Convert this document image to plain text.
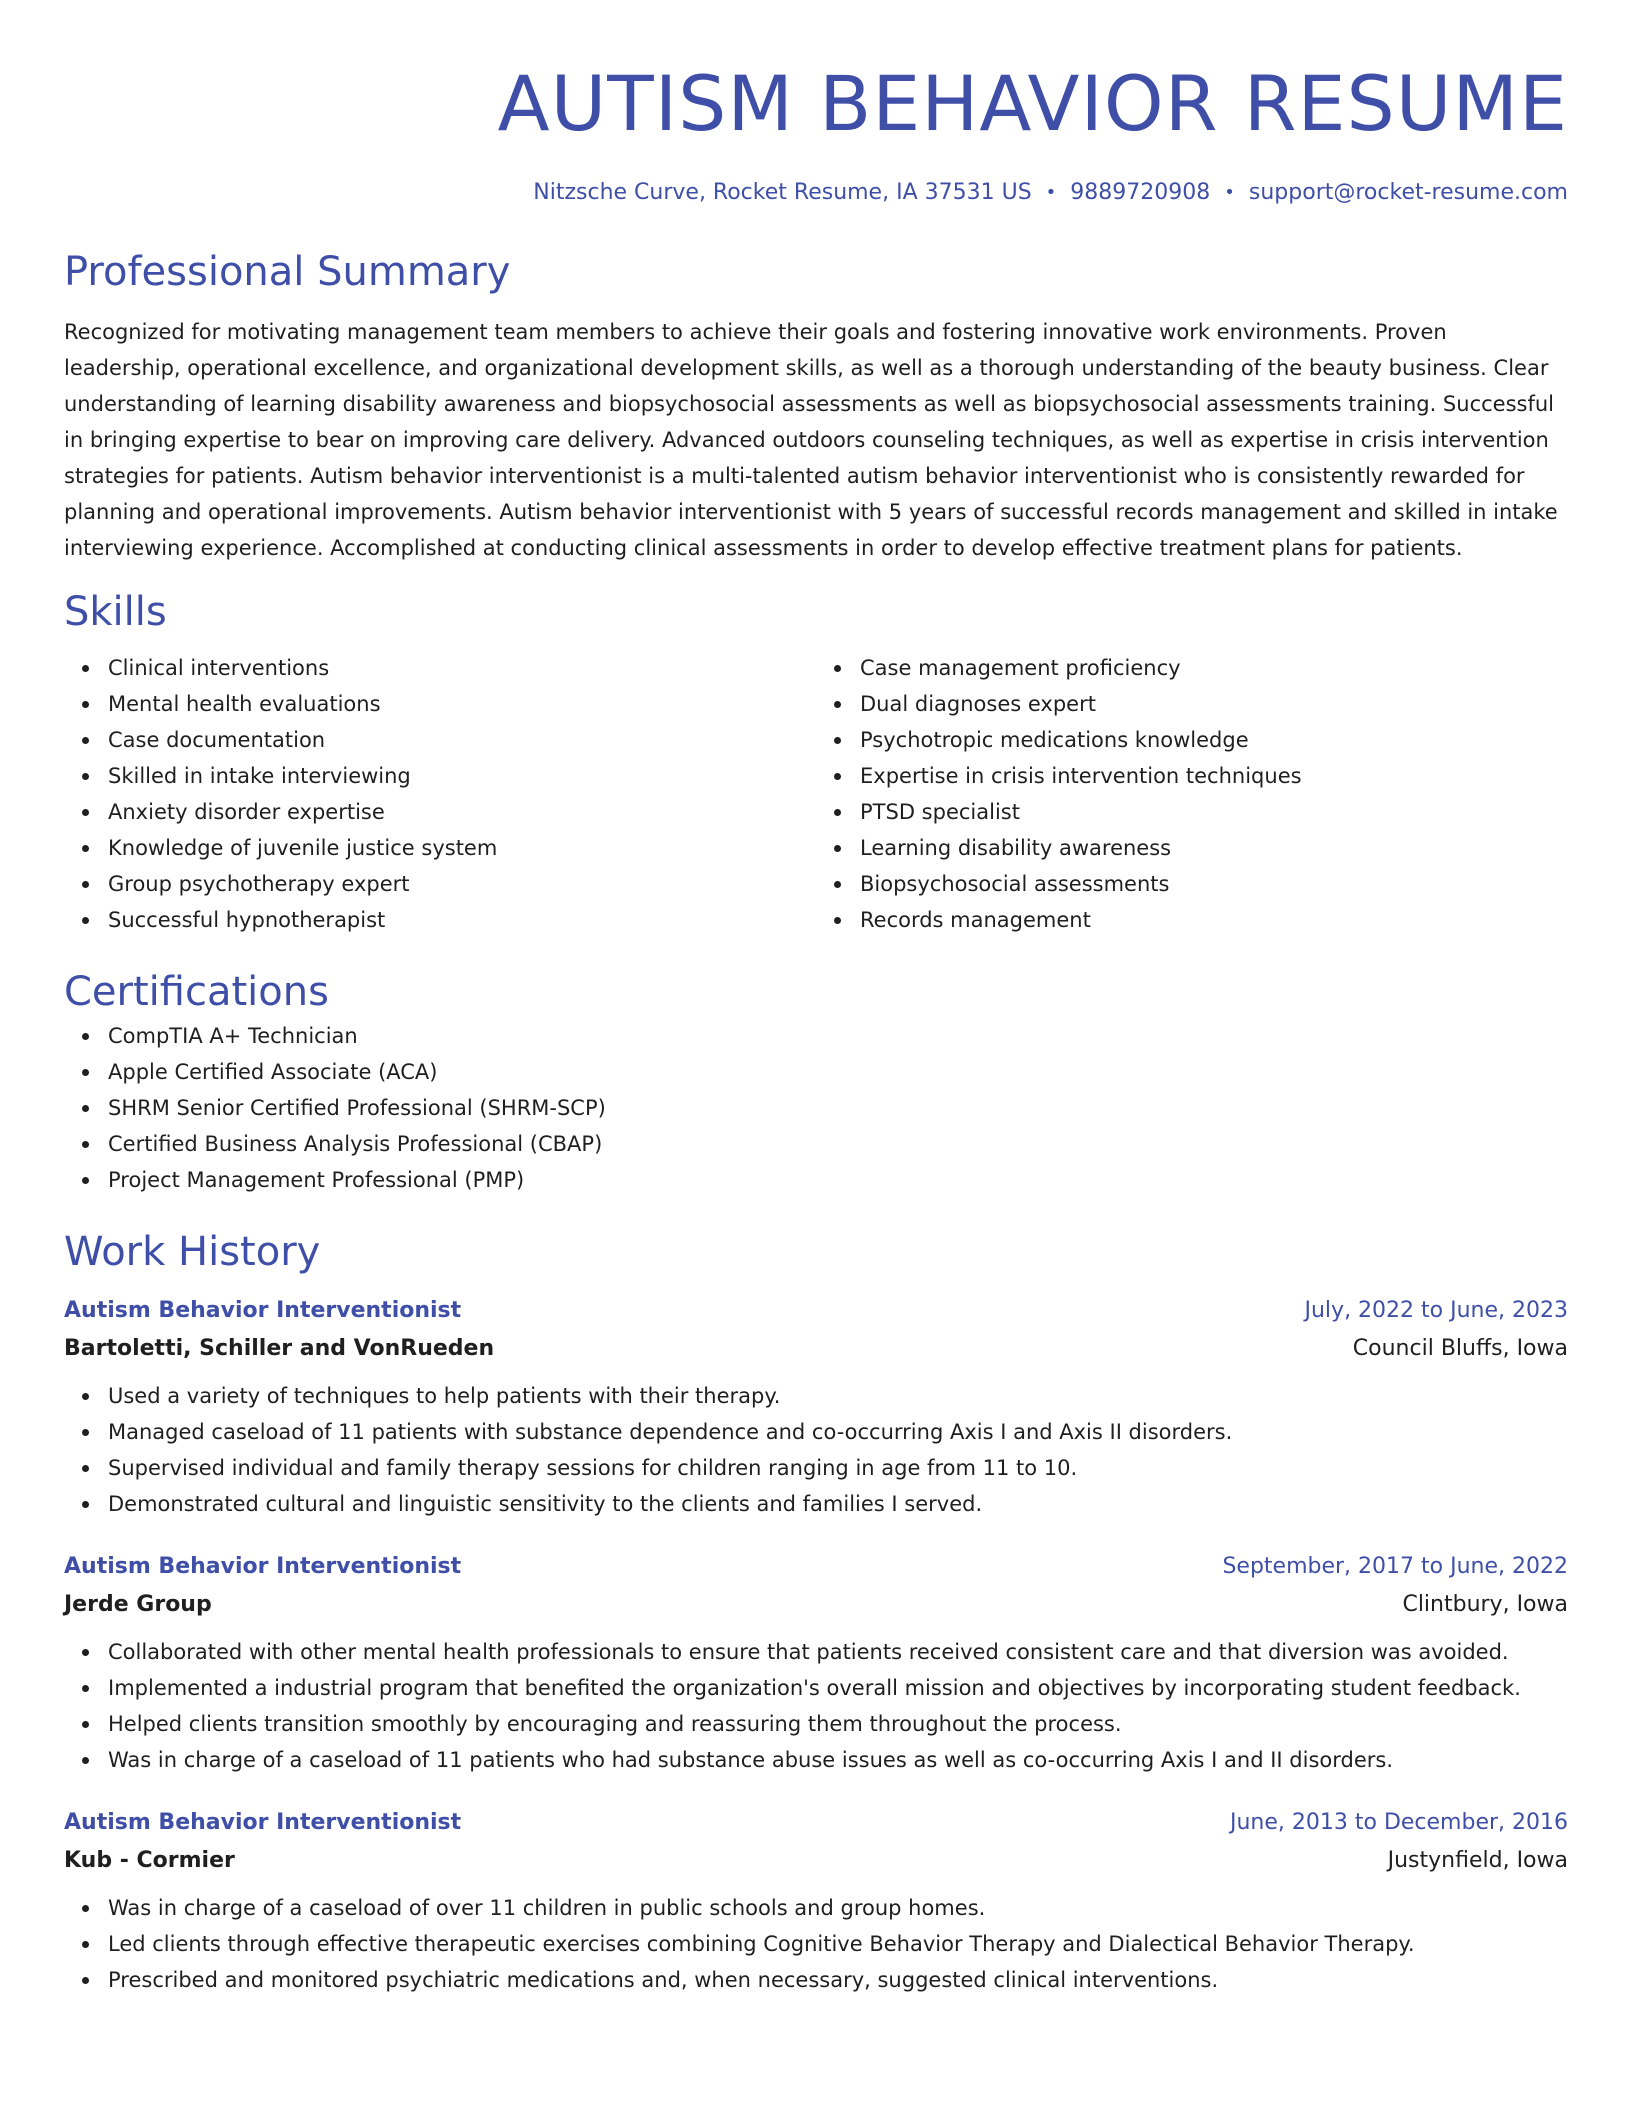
AUTISM BEHAVIOR RESUME
Nitzsche Curve, Rocket Resume, IA 37531 US • 9889720908 • support@rocket-resume.com
Professional Summary

Recognized for motivating management team members to achieve their goals and fostering innovative work environments. Proven leadership, operational excellence, and organizational development skills, as well as a thorough understanding of the beauty business. Clear understanding of learning disability awareness and biopsychosocial assessments as well as biopsychosocial assessments training. Successful in bringing expertise to bear on improving care delivery. Advanced outdoors counseling techniques, as well as expertise in crisis intervention strategies for patients. Autism behavior interventionist is a multi-talented autism behavior interventionist who is consistently rewarded for planning and operational improvements. Autism behavior interventionist with 5 years of successful records management and skilled in intake interviewing experience. Accomplished at conducting clinical assessments in order to develop effective treatment plans for patients.

Skills
Clinical interventions
Mental health evaluations
Case documentation
Skilled in intake interviewing
Anxiety disorder expertise
Knowledge of juvenile justice system
Group psychotherapy expert
Successful hypnotherapist
Case management proficiency
Dual diagnoses expert
Psychotropic medications knowledge
Expertise in crisis intervention techniques
PTSD specialist
Learning disability awareness
Biopsychosocial assessments
Records management
Certifications
CompTIA A+ Technician
Apple Certified Associate (ACA)
SHRM Senior Certified Professional (SHRM-SCP)
Certified Business Analysis Professional (CBAP)
Project Management Professional (PMP)
Work History
Autism Behavior Interventionist	July, 2022 to June, 2023
Bartoletti, Schiller and VonRueden	Council Bluffs, Iowa
Used a variety of techniques to help patients with their therapy.
Managed caseload of 11 patients with substance dependence and co-occurring Axis I and Axis II disorders.
Supervised individual and family therapy sessions for children ranging in age from 11 to 10.
Demonstrated cultural and linguistic sensitivity to the clients and families I served.
Autism Behavior Interventionist	September, 2017 to June, 2022
Jerde Group	Clintbury, Iowa
Collaborated with other mental health professionals to ensure that patients received consistent care and that diversion was avoided.
Implemented a industrial program that benefited the organization's overall mission and objectives by incorporating student feedback.
Helped clients transition smoothly by encouraging and reassuring them throughout the process.
Was in charge of a caseload of 11 patients who had substance abuse issues as well as co-occurring Axis I and II disorders.
Autism Behavior Interventionist	June, 2013 to December, 2016
Kub - Cormier	Justynfield, Iowa
Was in charge of a caseload of over 11 children in public schools and group homes.
Led clients through effective therapeutic exercises combining Cognitive Behavior Therapy and Dialectical Behavior Therapy.
Prescribed and monitored psychiatric medications and, when necessary, suggested clinical interventions.
